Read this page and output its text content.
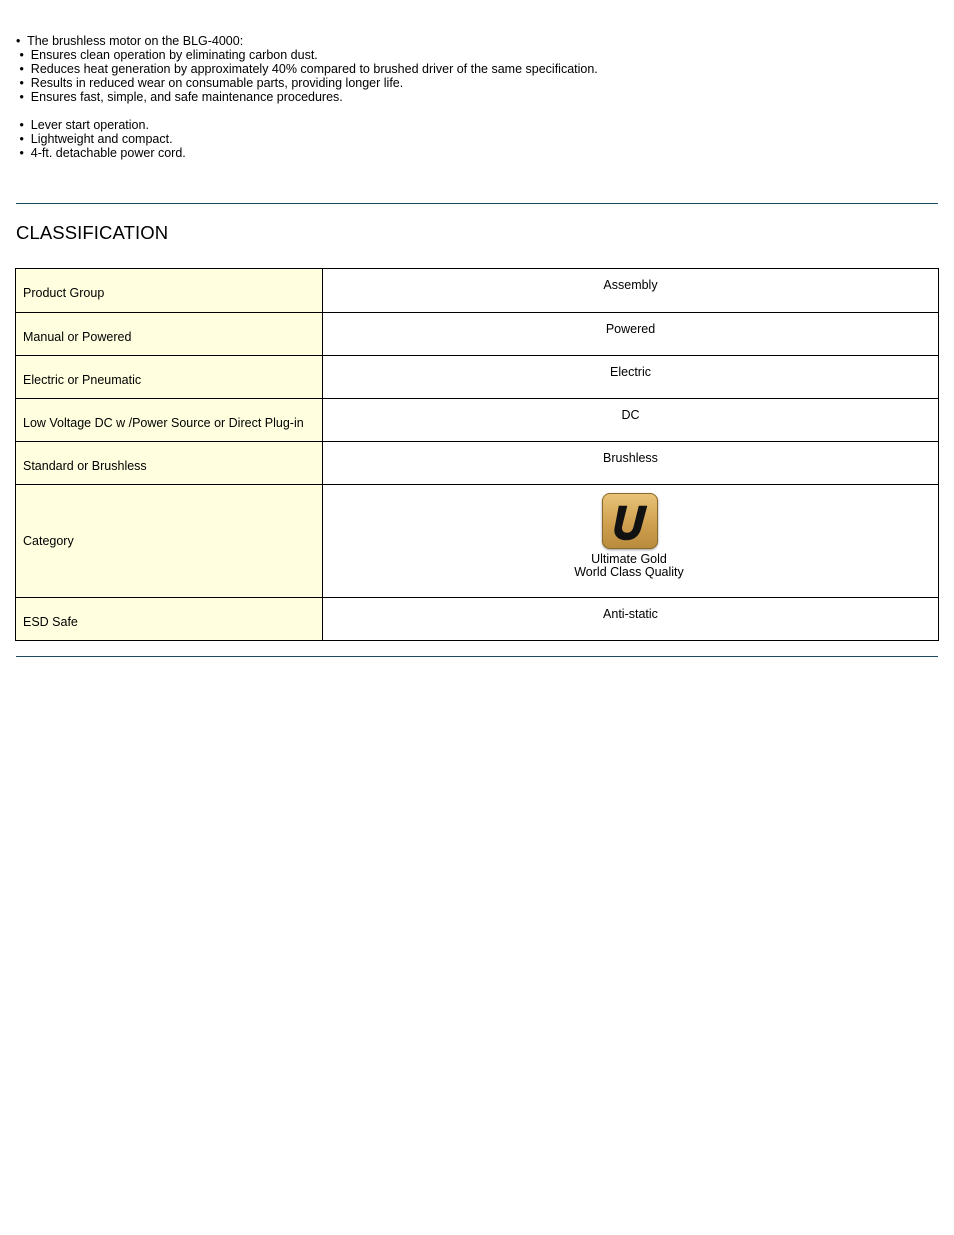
•  The brushless motor on the BLG-4000:
•  Ensures clean operation by eliminating carbon dust.
•  Reduces heat generation by approximately 40% compared to brushed driver of the same specification.
•  Results in reduced wear on consumable parts, providing longer life.
•  Ensures fast, simple, and safe maintenance procedures.
•  Lever start operation.
•  Lightweight and compact.
•  4-ft. detachable power cord.
CLASSIFICATION
Product Group	Assembly
Manual or Powered	Powered
Electric or Pneumatic	Electric
Low Voltage DC w /Power Source or Direct Plug-in	DC
Standard or Brushless	Brushless
Category	Ultimate Gold
World Class Quality

ESD Safe	Anti-static
